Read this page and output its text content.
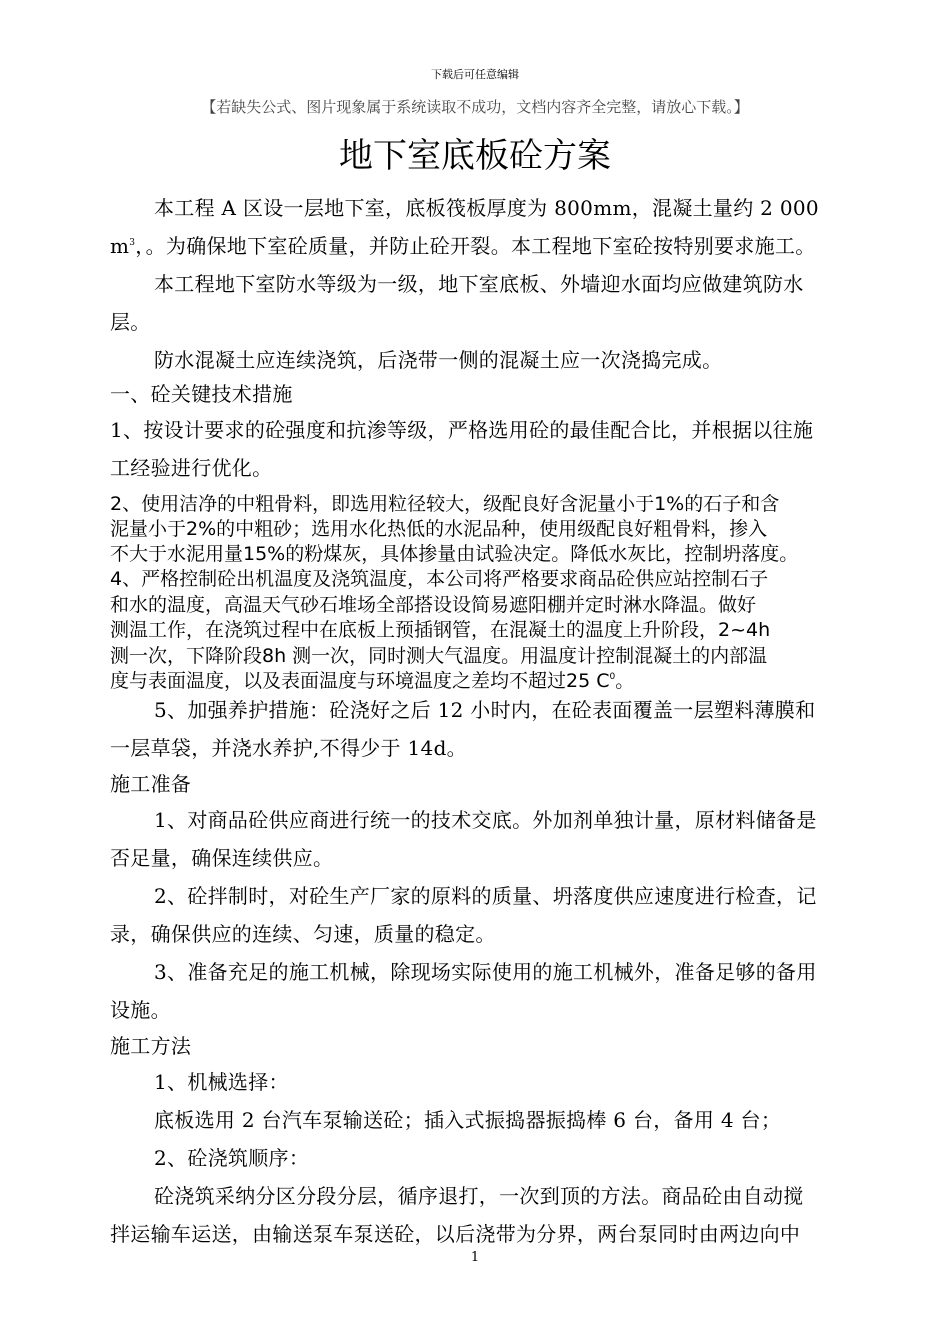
下载后可任意编辑
【若缺失公式、图片现象属于系统读取不成功，文档内容齐全完整，请放心下载。】
地下室底板砼方案
本工程 A 区设一层地下室，底板筏板厚度为 800mm，混凝土量约 2 000
$m^3$，。为确保地下室砼质量，并防止砼开裂。本工程地下室砼按特别要求施工。
本工程地下室防水等级为一级，地下室底板、外墙迎水面均应做建筑防水
层。
防水混凝土应连续浇筑，后浇带一侧的混凝土应一次浇捣完成。
一、砼关键技术措施
1、按设计要求的砼强度和抗渗等级，严格选用砼的最佳配合比，并根据以往施
工经验进行优化。
2、使用洁净的中粗骨料，即选用粒径较大，级配良好含泥量小于1%的石子和含
泥量小于2%的中粗砂；选用水化热低的水泥品种，使用级配良好粗骨料，掺入
不大于水泥用量15%的粉煤灰，具体掺量由试验决定。降低水灰比，控制坍落度。
4、严格控制砼出机温度及浇筑温度，本公司将严格要求商品砼供应站控制石子
和水的温度，高温天气砂石堆场全部搭设设简易遮阳棚并定时淋水降温。做好
测温工作，在浇筑过程中在底板上预插钢管，在混凝土的温度上升阶段，2~4h
测一次，下降阶段8h 测一次，同时测大气温度。用温度计控制混凝土的内部温
度与表面温度，以及表面温度与环境温度之差均不超过25 $C^0$。
5、加强养护措施：砼浇好之后 12 小时内，在砼表面覆盖一层塑料薄膜和
一层草袋，并浇水养护,不得少于 14d。
施工准备
1、对商品砼供应商进行统一的技术交底。外加剂单独计量，原材料储备是
否足量，确保连续供应。
2、砼拌制时，对砼生产厂家的原料的质量、坍落度供应速度进行检查，记
录，确保供应的连续、匀速，质量的稳定。
3、准备充足的施工机械，除现场实际使用的施工机械外，准备足够的备用
设施。
施工方法
1、机械选择：
底板选用 2 台汽车泵输送砼；插入式振捣器振捣棒 6 台，备用 4 台；
2、砼浇筑顺序：
砼浇筑采纳分区分段分层，循序退打，一次到顶的方法。商品砼由自动搅
拌运输车运送，由输送泵车泵送砼，以后浇带为分界，两台泵同时由两边向中
1
